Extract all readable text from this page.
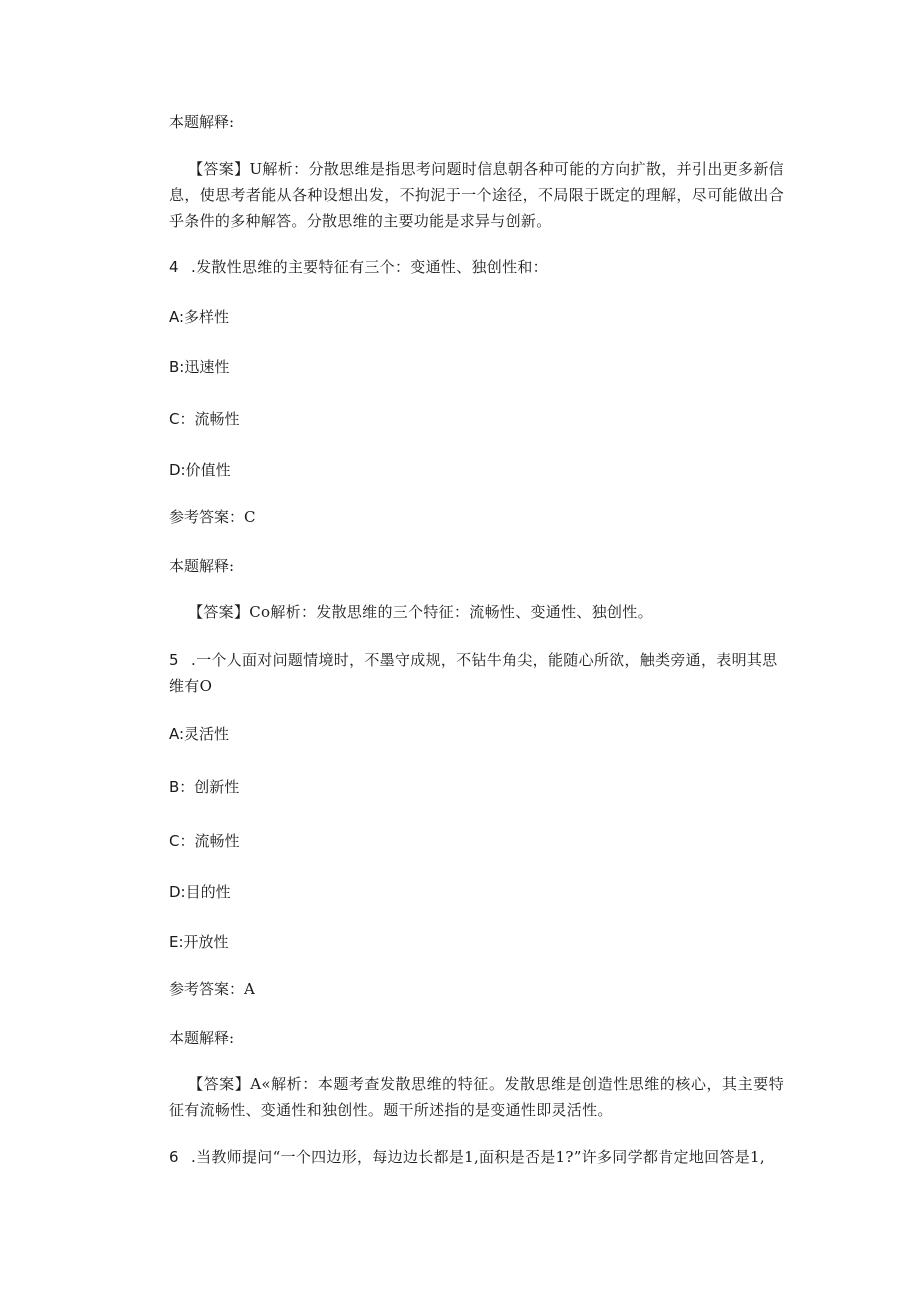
本题解释:

【答案】U解析：分散思维是指思考问题时信息朝各种可能的方向扩散，并引出更多新信息，使思考者能从各种设想出发，不拘泥于一个途径，不局限于既定的理解，尽可能做出合乎条件的多种解答。分散思维的主要功能是求异与创新。

4 .发散性思维的主要特征有三个：变通性、独创性和：

A:多样性

B:迅速性

C：流畅性

D:价值性

参考答案：C

本题解释:

【答案】Co解析：发散思维的三个特征：流畅性、变通性、独创性。

5 .一个人面对问题情境时，不墨守成规，不钻牛角尖，能随心所欲，触类旁通，表明其思维有O

A:灵活性

B：创新性

C：流畅性

D:目的性

E:开放性

参考答案：A

本题解释:

【答案】A«解析：本题考查发散思维的特征。发散思维是创造性思维的核心，其主要特征有流畅性、变通性和独创性。题干所述指的是变通性即灵活性。

6 .当教师提问“一个四边形，每边边长都是1,面积是否是1?”许多同学都肯定地回答是1,
